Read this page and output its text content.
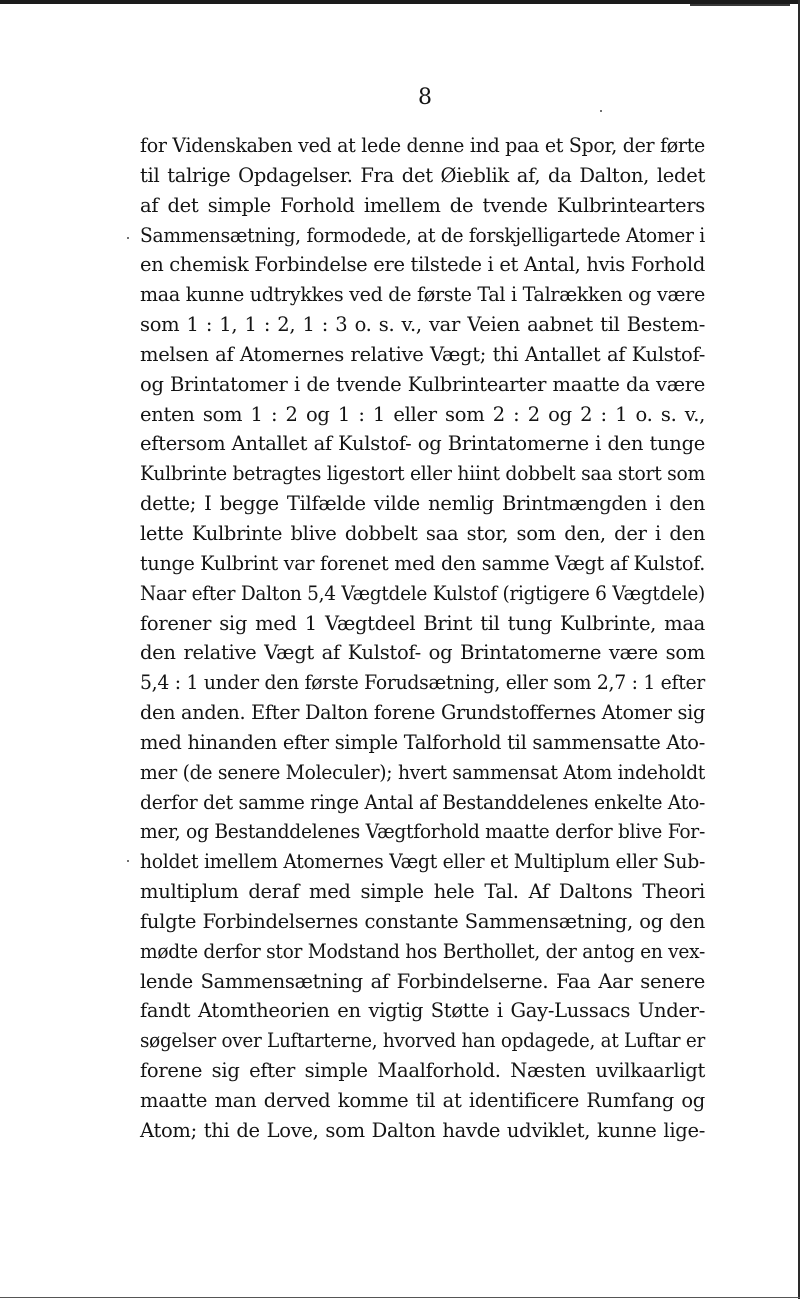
8
for Videnskaben ved at lede denne ind paa et Spor, der førte
til talrige Opdagelser. Fra det Øieblik af, da Dalton, ledet
af det simple Forhold imellem de tvende Kulbrintearters
Sammensætning, formodede, at de forskjelligartede Atomer i
en chemisk Forbindelse ere tilstede i et Antal, hvis Forhold
maa kunne udtrykkes ved de første Tal i Talrækken og være
som 1 : 1, 1 : 2, 1 : 3 o. s. v., var Veien aabnet til Bestem-
melsen af Atomernes relative Vægt; thi Antallet af Kulstof-
og Brintatomer i de tvende Kulbrintearter maatte da være
enten som 1 : 2 og 1 : 1 eller som 2 : 2 og 2 : 1 o. s. v.,
eftersom Antallet af Kulstof- og Brintatomerne i den tunge
Kulbrinte betragtes ligestort eller hiint dobbelt saa stort som
dette; I begge Tilfælde vilde nemlig Brintmængden i den
lette Kulbrinte blive dobbelt saa stor, som den, der i den
tunge Kulbrint var forenet med den samme Vægt af Kulstof.
Naar efter Dalton 5,4 Vægtdele Kulstof (rigtigere 6 Vægtdele)
forener sig med 1 Vægtdeel Brint til tung Kulbrinte, maa
den relative Vægt af Kulstof- og Brintatomerne være som
5,4 : 1 under den første Forudsætning, eller som 2,7 : 1 efter
den anden. Efter Dalton forene Grundstoffernes Atomer sig
med hinanden efter simple Talforhold til sammensatte Ato-
mer (de senere Moleculer); hvert sammensat Atom indeholdt
derfor det samme ringe Antal af Bestanddelenes enkelte Ato-
mer, og Bestanddelenes Vægtforhold maatte derfor blive For-
holdet imellem Atomernes Vægt eller et Multiplum eller Sub-
multiplum deraf med simple hele Tal. Af Daltons Theori
fulgte Forbindelsernes constante Sammensætning, og den
mødte derfor stor Modstand hos Berthollet, der antog en vex-
lende Sammensætning af Forbindelserne. Faa Aar senere
fandt Atomtheorien en vigtig Støtte i Gay-Lussacs Under-
søgelser over Luftarterne, hvorved han opdagede, at Luftar er
forene sig efter simple Maalforhold. Næsten uvilkaarligt
maatte man derved komme til at identificere Rumfang og
Atom; thi de Love, som Dalton havde udviklet, kunne lige-
